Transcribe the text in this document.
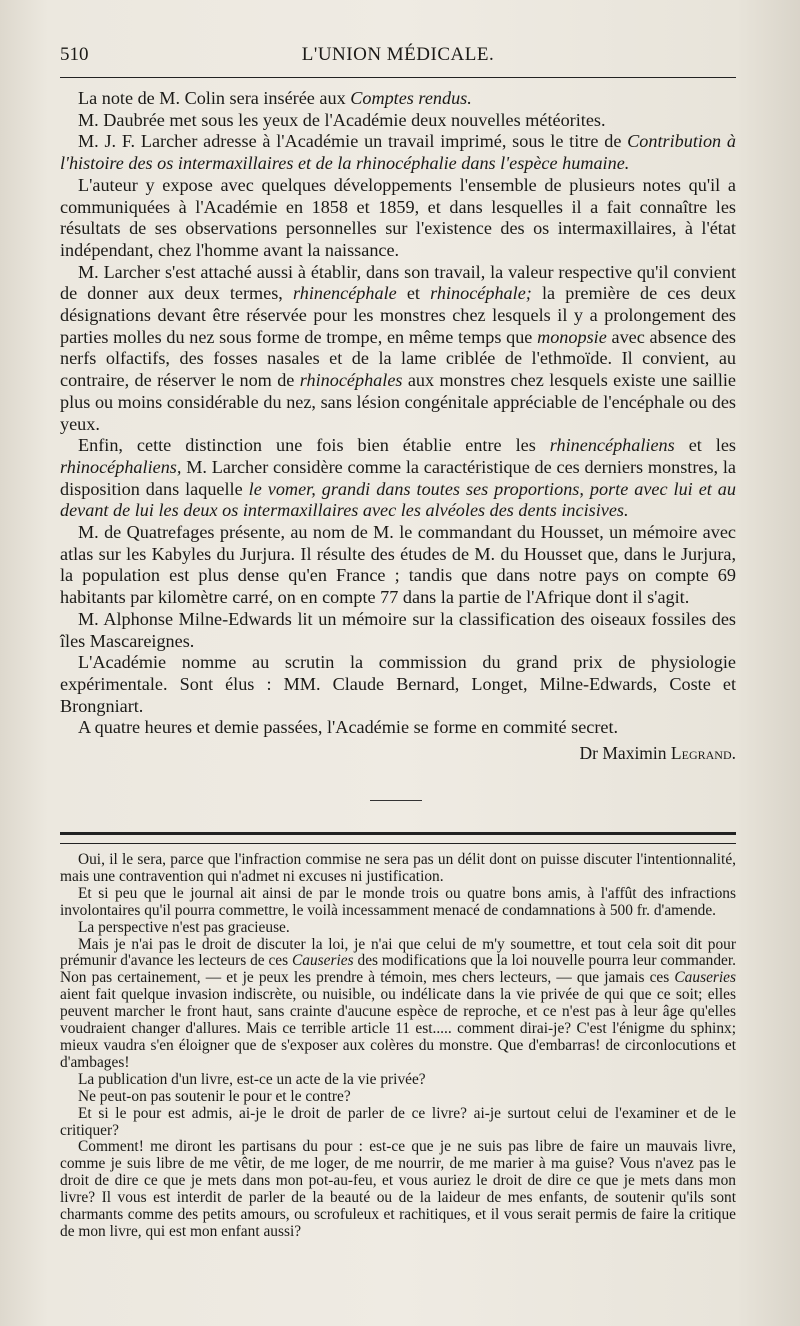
510	L'UNION MÉDICALE.

La note de M. Colin sera insérée aux Comptes rendus.

M. Daubrée met sous les yeux de l'Académie deux nouvelles météorites.

M. J. F. Larcher adresse à l'Académie un travail imprimé, sous le titre de Contribution à l'histoire des os intermaxillaires et de la rhinocéphalie dans l'espèce humaine.

L'auteur y expose avec quelques développements l'ensemble de plusieurs notes qu'il a communiquées à l'Académie en 1858 et 1859, et dans lesquelles il a fait connaître les résultats de ses observations personnelles sur l'existence des os intermaxillaires, à l'état indépendant, chez l'homme avant la naissance.

M. Larcher s'est attaché aussi à établir, dans son travail, la valeur respective qu'il convient de donner aux deux termes, rhinencéphale et rhinocéphale; la première de ces deux désignations devant être réservée pour les monstres chez lesquels il y a prolongement des parties molles du nez sous forme de trompe, en même temps que monopsie avec absence des nerfs olfactifs, des fosses nasales et de la lame criblée de l'ethmoïde. Il convient, au contraire, de réserver le nom de rhinocéphales aux monstres chez lesquels existe une saillie plus ou moins considérable du nez, sans lésion congénitale appréciable de l'encéphale ou des yeux.

Enfin, cette distinction une fois bien établie entre les rhinencéphaliens et les rhinocéphaliens, M. Larcher considère comme la caractéristique de ces derniers monstres, la disposition dans laquelle le vomer, grandi dans toutes ses proportions, porte avec lui et au devant de lui les deux os intermaxillaires avec les alvéoles des dents incisives.

M. de Quatrefages présente, au nom de M. le commandant du Housset, un mémoire avec atlas sur les Kabyles du Jurjura. Il résulte des études de M. du Housset que, dans le Jurjura, la population est plus dense qu'en France ; tandis que dans notre pays on compte 69 habitants par kilomètre carré, on en compte 77 dans la partie de l'Afrique dont il s'agit.

M. Alphonse Milne-Edwards lit un mémoire sur la classification des oiseaux fossiles des îles Mascareignes.

L'Académie nomme au scrutin la commission du grand prix de physiologie expérimentale. Sont élus : MM. Claude Bernard, Longet, Milne-Edwards, Coste et Brongniart.

A quatre heures et demie passées, l'Académie se forme en commité secret.

Dr Maximin Legrand.

Oui, il le sera, parce que l'infraction commise ne sera pas un délit dont on puisse discuter l'intentionnalité, mais une contravention qui n'admet ni excuses ni justification.

Et si peu que le journal ait ainsi de par le monde trois ou quatre bons amis, à l'affût des infractions involontaires qu'il pourra commettre, le voilà incessamment menacé de condamnations à 500 fr. d'amende.

La perspective n'est pas gracieuse.

Mais je n'ai pas le droit de discuter la loi, je n'ai que celui de m'y soumettre, et tout cela soit dit pour prémunir d'avance les lecteurs de ces Causeries des modifications que la loi nouvelle pourra leur commander. Non pas certainement, — et je peux les prendre à témoin, mes chers lecteurs, — que jamais ces Causeries aient fait quelque invasion indiscrète, ou nuisible, ou indélicate dans la vie privée de qui que ce soit; elles peuvent marcher le front haut, sans crainte d'aucune espèce de reproche, et ce n'est pas à leur âge qu'elles voudraient changer d'allures. Mais ce terrible article 11 est..... comment dirai-je? C'est l'énigme du sphinx; mieux vaudra s'en éloigner que de s'exposer aux colères du monstre. Que d'embarras! de circonlocutions et d'ambages!

La publication d'un livre, est-ce un acte de la vie privée?

Ne peut-on pas soutenir le pour et le contre?

Et si le pour est admis, ai-je le droit de parler de ce livre? ai-je surtout celui de l'examiner et de le critiquer?

Comment! me diront les partisans du pour : est-ce que je ne suis pas libre de faire un mauvais livre, comme je suis libre de me vêtir, de me loger, de me nourrir, de me marier à ma guise? Vous n'avez pas le droit de dire ce que je mets dans mon pot-au-feu, et vous auriez le droit de dire ce que je mets dans mon livre? Il vous est interdit de parler de la beauté ou de la laideur de mes enfants, de soutenir qu'ils sont charmants comme des petits amours, ou scrofuleux et rachitiques, et il vous serait permis de faire la critique de mon livre, qui est mon enfant aussi?
